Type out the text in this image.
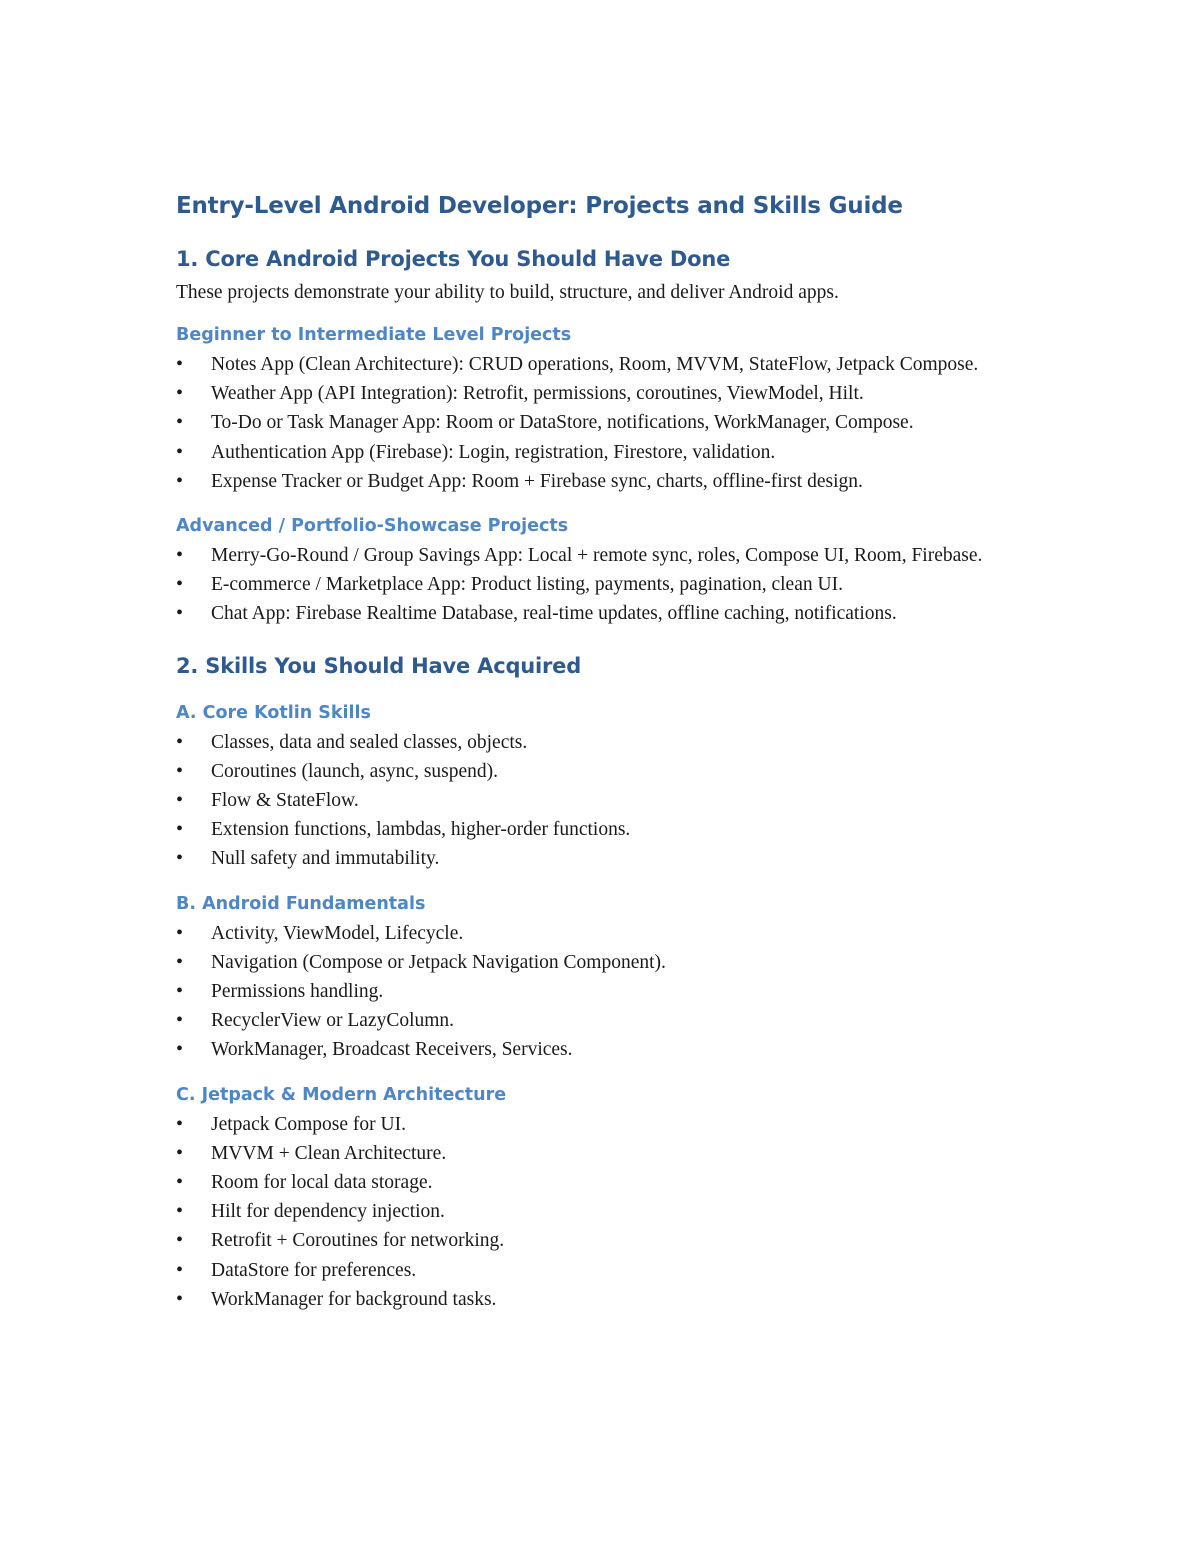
Entry-Level Android Developer: Projects and Skills Guide
1. Core Android Projects You Should Have Done

These projects demonstrate your ability to build, structure, and deliver Android apps.

Beginner to Intermediate Level Projects
• Notes App (Clean Architecture): CRUD operations, Room, MVVM, StateFlow, Jetpack Compose.
• Weather App (API Integration): Retrofit, permissions, coroutines, ViewModel, Hilt.
• To-Do or Task Manager App: Room or DataStore, notifications, WorkManager, Compose.
• Authentication App (Firebase): Login, registration, Firestore, validation.
• Expense Tracker or Budget App: Room + Firebase sync, charts, offline-first design.
Advanced / Portfolio-Showcase Projects
• Merry-Go-Round / Group Savings App: Local + remote sync, roles, Compose UI, Room, Firebase.
• E-commerce / Marketplace App: Product listing, payments, pagination, clean UI.
• Chat App: Firebase Realtime Database, real-time updates, offline caching, notifications.
2. Skills You Should Have Acquired
A. Core Kotlin Skills
• Classes, data and sealed classes, objects.
• Coroutines (launch, async, suspend).
• Flow & StateFlow.
• Extension functions, lambdas, higher-order functions.
• Null safety and immutability.
B. Android Fundamentals
• Activity, ViewModel, Lifecycle.
• Navigation (Compose or Jetpack Navigation Component).
• Permissions handling.
• RecyclerView or LazyColumn.
• WorkManager, Broadcast Receivers, Services.
C. Jetpack & Modern Architecture
• Jetpack Compose for UI.
• MVVM + Clean Architecture.
• Room for local data storage.
• Hilt for dependency injection.
• Retrofit + Coroutines for networking.
• DataStore for preferences.
• WorkManager for background tasks.
